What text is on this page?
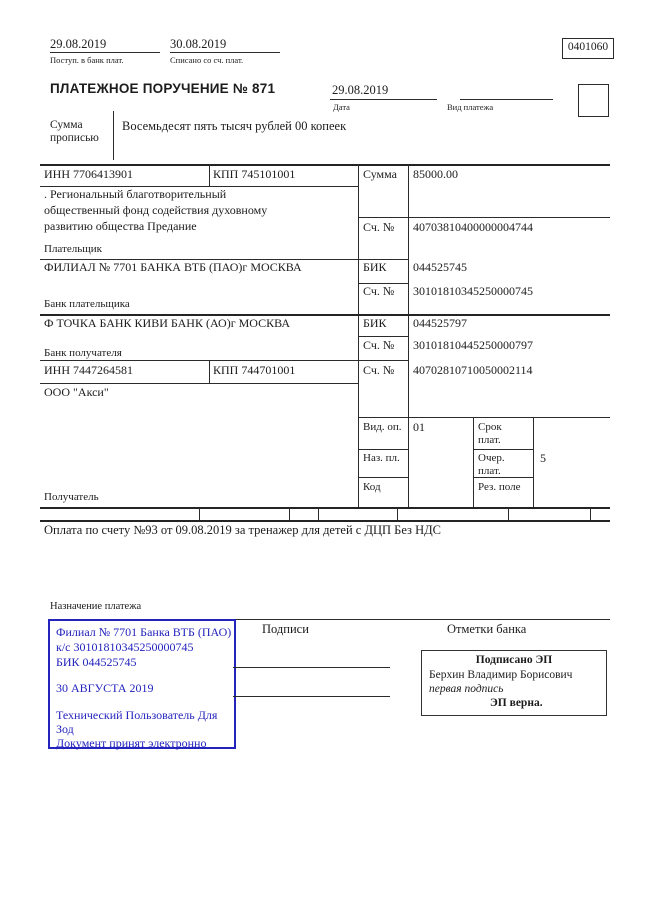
29.08.2019	30.08.2019
Поступ. в банк плат.	Списано со сч. плат.
0401060
ПЛАТЕЖНОЕ ПОРУЧЕНИЕ № 871	29.08.2019
Дата	Вид платежа
Сумма прописью
Восемьдесят пять тысяч рублей 00 копеек
ИНН 7706413901	КПП 745101001	Сумма 85000.00
. Региональный благотворительный
общественный фонд содействия духовному
развитию общества Предание	Сч. № 40703810400000004744
Плательщик
ФИЛИАЛ № 7701 БАНКА ВТБ (ПАО)г МОСКВА	БИК 044525745
Сч. № 30101810345250000745
Банк плательщика
Ф ТОЧКА БАНК КИВИ БАНК (АО)г МОСКВА	БИК 044525797
Сч. № 30101810445250000797
Банк получателя
ИНН 7447264581	КПП 744701001	Сч. № 40702810710050002114
ООО "Акси"
Вид. оп. 01	Срок плат.
Наз. пл.	Очер. плат.
5
Код	Рез. поле
Получатель
Оплата по счету №93 от 09.08.2019 за тренажер для детей с ДЦП Без НДС
Назначение платежа
Филиал № 7701 Банка ВТБ (ПАО)
к/с 30101810345250000745
БИК 044525745
30 АВГУСТА 2019
Технический Пользователь Для
Зод
Документ принят электронно
Подписи	Отметки банка
Подписано ЭП
Берхин Владимир Борисович
первая подпись
ЭП верна.
